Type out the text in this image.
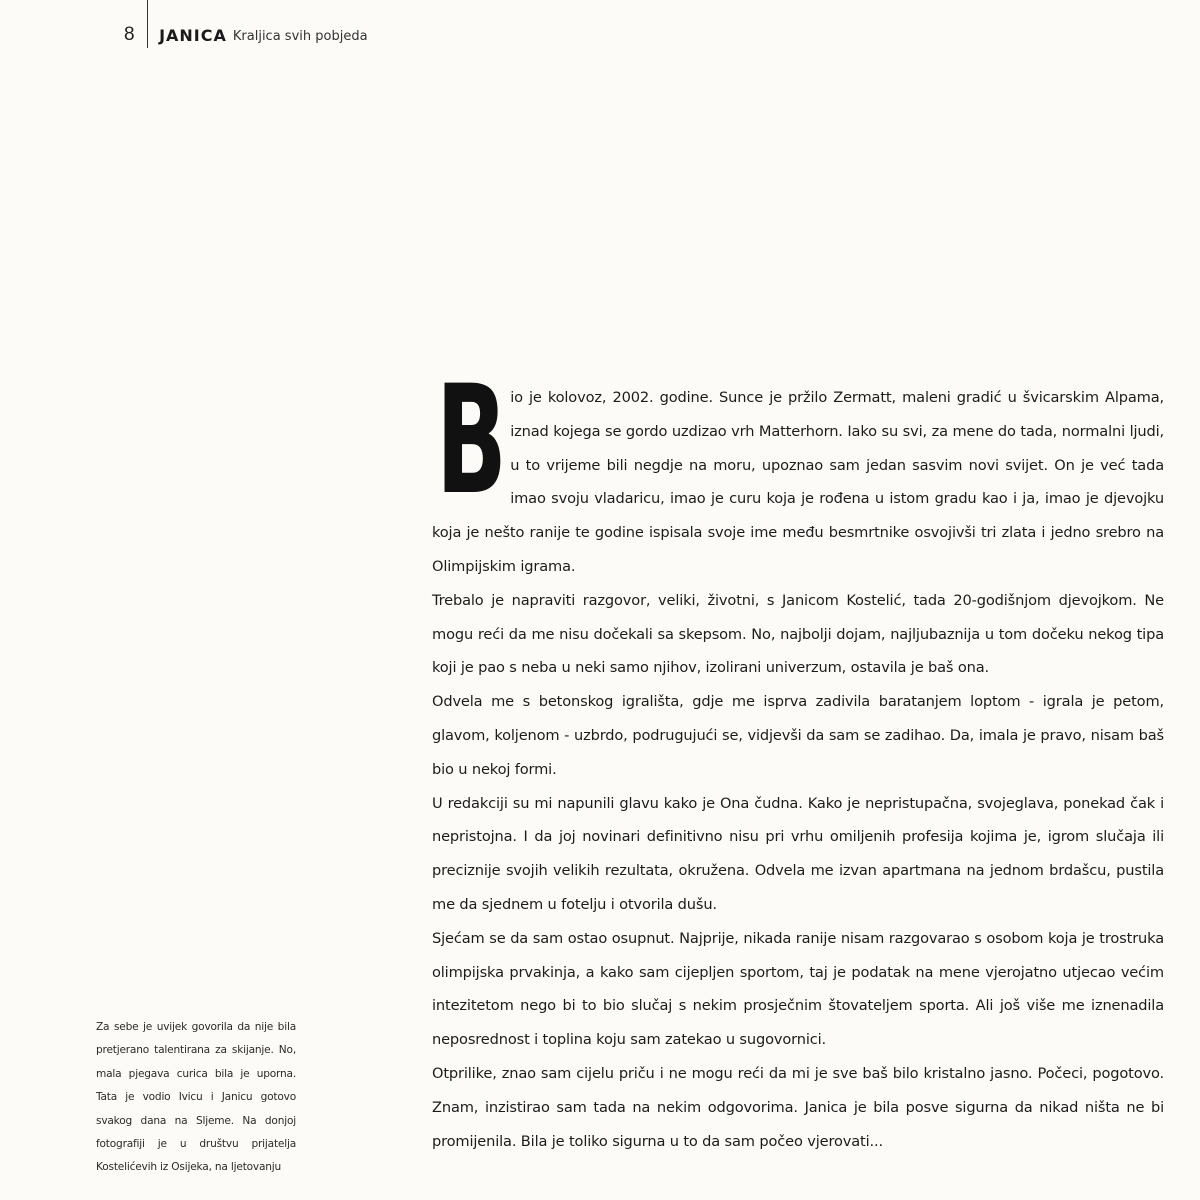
8 JANICA Kraljica svih pobjeda

Bio je kolovoz, 2002. godine. Sunce je pržilo Zermatt, maleni gradić u švicarskim Alpama, iznad kojega se gordo uzdizao vrh Matterhorn. Iako su svi, za mene do tada, normalni ljudi, u to vrijeme bili negdje na moru, upoznao sam jedan sasvim novi svijet. On je već tada imao svoju vladaricu, imao je curu koja je rođena u istom gradu kao i ja, imao je djevojku koja je nešto ranije te godine ispisala svoje ime među besmrtnike osvojivši tri zlata i jedno srebro na Olimpijskim igrama.

Trebalo je napraviti razgovor, veliki, životni, s Janicom Kostelić, tada 20-godišnjom djevojkom. Ne mogu reći da me nisu dočekali sa skepsom. No, najbolji dojam, najljubaznija u tom dočeku nekog tipa koji je pao s neba u neki samo njihov, izolirani univerzum, ostavila je baš ona.

Odvela me s betonskog igrališta, gdje me isprva zadivila baratanjem loptom - igrala je petom, glavom, koljenom - uzbrdo, podrugujući se, vidjevši da sam se zadihao. Da, imala je pravo, nisam baš bio u nekoj formi.

U redakciji su mi napunili glavu kako je Ona čudna. Kako je nepristupačna, svojeglava, ponekad čak i nepristojna. I da joj novinari definitivno nisu pri vrhu omiljenih profesija kojima je, igrom slučaja ili preciznije svojih velikih rezultata, okružena. Odvela me izvan apartmana na jednom brdašcu, pustila me da sjednem u fotelju i otvorila dušu.

Sjećam se da sam ostao osupnut. Najprije, nikada ranije nisam razgovarao s osobom koja je trostruka olimpijska prvakinja, a kako sam cijepljen sportom, taj je podatak na mene vjerojatno utjecao većim intezitetom nego bi to bio slučaj s nekim prosječnim štovateljem sporta. Ali još više me iznenadila neposrednost i toplina koju sam zatekao u sugovornici.

Otprilike, znao sam cijelu priču i ne mogu reći da mi je sve baš bilo kristalno jasno. Počeci, pogotovo. Znam, inzistirao sam tada na nekim odgovorima. Janica je bila posve sigurna da nikad ništa ne bi promijenila. Bila je toliko sigurna u to da sam počeo vjerovati...

Za sebe je uvijek govorila da nije bila pretjerano talentirana za skijanje. No, mala pjegava curica bila je uporna. Tata je vodio Ivicu i Janicu gotovo svakog dana na Sljeme. Na donjoj fotografiji je u društvu prijatelja Kostelićevih iz Osijeka, na ljetovanju
